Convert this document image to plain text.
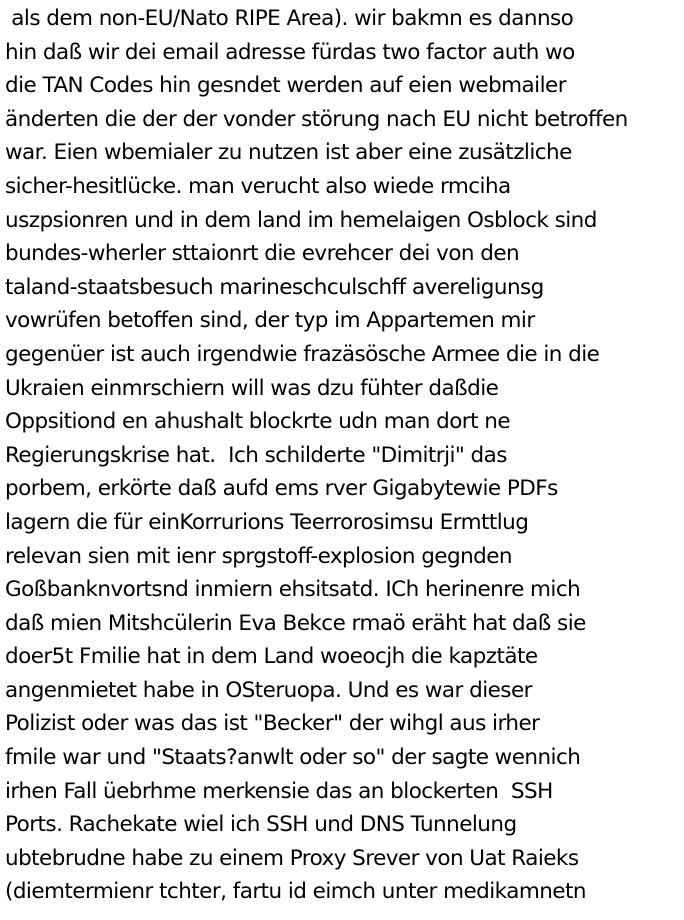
als dem non-EU/Nato RIPE Area). wir bakmn es dannso
hin daß wir dei email adresse fürdas two factor auth wo
die TAN Codes hin gesndet werden auf eien webmailer
änderten die der der vonder störung nach EU nicht betroffen
war. Eien wbemialer zu nutzen ist aber eine zusätzliche
sicher-hesitlücke. man verucht also wiede rmciha
uszpsionren und in dem land im hemelaigen Osblock sind
bundes-wherler sttaionrt die evrehcer dei von den
taland-staatsbesuch marineschculschff avereligunsg
vowrüfen betoffen sind, der typ im Appartemen mir
gegenüer ist auch irgendwie frazäsösche Armee die in die
Ukraien einmrschiern will was dzu fühter daßdie
Oppsitiond en ahushalt blockrte udn man dort ne
Regierungskrise hat.  Ich schilderte "Dimitrji" das
porbem, erkörte daß aufd ems rver Gigabytewie PDFs
lagern die für einKorrurions Teerrorosimsu Ermttlug
relevan sien mit ienr sprgstoff-explosion gegnden
Goßbanknvortsnd inmiern ehsitsatd. ICh herinenre mich
daß mien Mitshcülerin Eva Bekce rmaö eräht hat daß sie
doer5t Fmilie hat in dem Land woeocjh die kapztäte
angenmietet habe in OSteruopa. Und es war dieser
Polizist oder was das ist "Becker" der wihgl aus irher
fmile war und "Staats?anwlt oder so" der sagte wennich
irhen Fall üebrhme merkensie das an blockerten  SSH
Ports. Rachekate wiel ich SSH und DNS Tunnelung
ubtebrudne habe zu einem Proxy Srever von Uat Raieks
(diemtermienr tchter, fartu id eimch unter medikamnetn
